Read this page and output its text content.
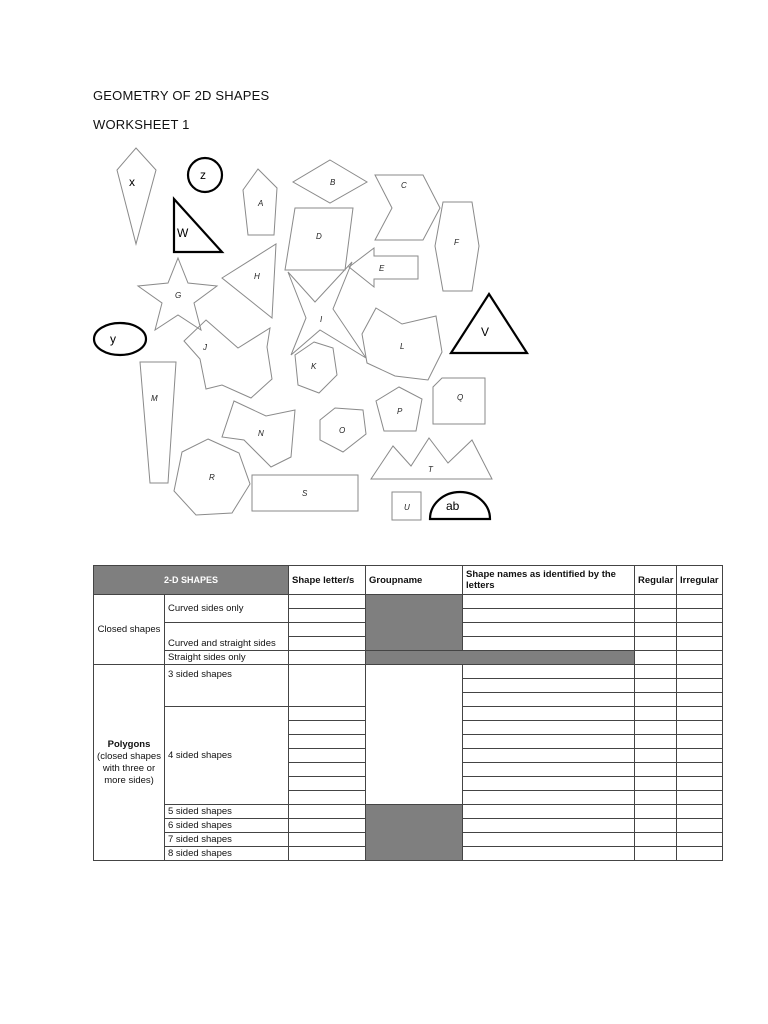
GEOMETRY OF 2D SHAPES
WORKSHEET 1
x	z
W
A
B	C
D
F
E
H
G
I
L
V
y
J
K
M	Q
P
N	O
T
R
S
U	ab
2-D SHAPES		Shape letter/s	Groupname	Shape names as identified by the letters	Regular	Irregular
Closed shapes	Curved sides only					

	Curved and straight sides					

	Straight sides only					
Polygons
(closed shapes with three or more sides)	3 sided shapes					

	4 sided shapes					

	5 sided shapes					
	6 sided shapes					
	7 sided shapes					
	8 sided shapes					
